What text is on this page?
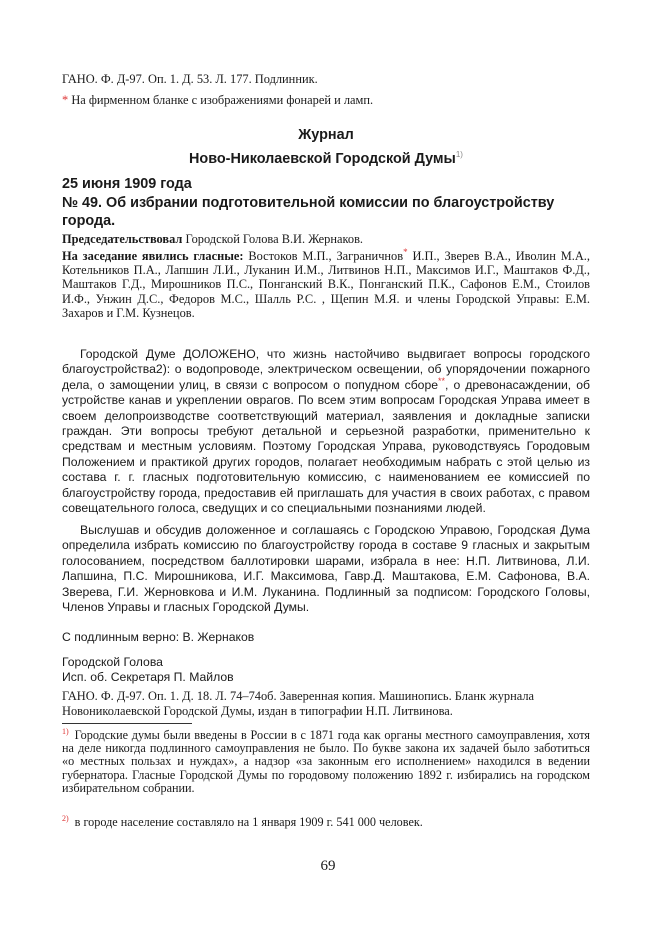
ГАНО. Ф. Д-97. Оп. 1. Д. 53. Л. 177. Подлинник.
* На фирменном бланке с изображениями фонарей и ламп.
Журнал
Ново-Николаевской Городской Думы$^{1)}$
25 июня 1909 года
№ 49. Об избрании подготовительной комиссии по благоустройству города.
Председательствовал Городской Голова В.И. Жернаков.
На заседание явились гласные: Востоков М.П., Заграничнов* И.П., Зверев В.А., Иволин М.А., Котельников П.А., Лапшин Л.И., Луканин И.М., Литвинов Н.П., Максимов И.Г., Маштаков Ф.Д., Маштаков Г.Д., Мирошников П.С., Понганский В.К., Понганский П.К., Сафонов Е.М., Стоилов И.Ф., Унжин Д.С., Федоров М.С., Шалль Р.С. , Щепин М.Я. и члены Городской Управы: Е.М. Захаров и Г.М. Кузнецов.
Городской Думе ДОЛОЖЕНО, что жизнь настойчиво выдвигает вопросы городского благоустройства2): о водопроводе, электрическом освещении, об упорядочении пожарного дела, о замощении улиц, в связи с вопросом о попудном сборе**, о древонасаждении, об устройстве канав и укреплении оврагов. По всем этим вопросам Городская Управа имеет в своем делопроизводстве соответствующий материал, заявления и докладные записки граждан. Эти вопросы требуют детальной и серьезной разработки, применительно к средствам и местным условиям. Поэтому Городская Управа, руководствуясь Городовым Положением и практикой других городов, полагает необходимым набрать с этой целью из состава г. г. гласных подготовительную комиссию, с наименованием ее комиссией по благоустройству города, предоставив ей приглашать для участия в своих работах, с правом совещательного голоса, сведущих и со специальными познаниями людей.
Выслушав и обсудив доложенное и соглашаясь с Городскою Управою, Городская Дума определила избрать комиссию по благоустройству города в составе 9 гласных и закрытым голосованием, посредством баллотировки шарами, избрала в нее: Н.П. Литвинова, Л.И. Лапшина, П.С. Мирошникова, И.Г. Максимова, Гавр.Д. Маштакова, Е.М. Сафонова, В.А. Зверева, Г.И. Жерновкова и И.М. Луканина. Подлинный за подписом: Городского Головы, Членов Управы и гласных Городской Думы.
С подлинным верно: В. Жернаков
Городской Голова
Исп. об. Секретаря П. Майлов
ГАНО. Ф. Д-97. Оп. 1. Д. 18. Л. 74–74об. Заверенная копия. Машинопись. Бланк журнала Новониколаевской Городской Думы, издан в типографии Н.П. Литвинова.
$^{1)}$ Городские думы были введены в России в с 1871 года как органы местного самоуправления, хотя на деле никогда подлинного самоуправления не было. По букве закона их задачей было заботиться «о местных пользах и нуждах», а надзор «за законным его исполнением» находился в ведении губернатора. Гласные Городской Думы по городовому положению 1892 г. избирались на городском избирательном собрании.
$^{2)}$ в городе население составляло на 1 января 1909 г. 541 000 человек.
69
